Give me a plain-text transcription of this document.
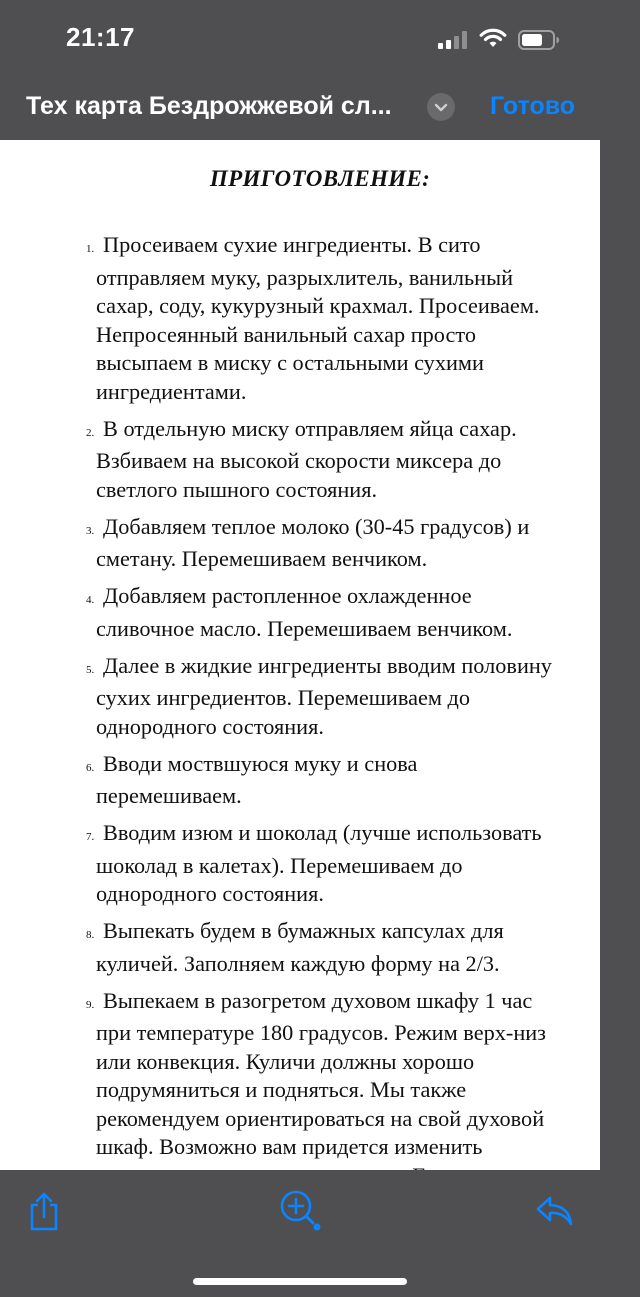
21:17
Тех карта Бездрожжевой сл...	Готово
ПРИГОТОВЛЕНИЕ:
1. Просеиваем сухие ингредиенты. В сито отправляем муку, разрыхлитель, ванильный сахар, соду, кукурузный крахмал. Просеиваем. Непросеянный ванильный сахар просто высыпаем в миску с остальными сухими ингредиентами.
2. В отдельную миску отправляем яйца сахар. Взбиваем на высокой скорости миксера до светлого пышного состояния.
3. Добавляем теплое молоко (30-45 градусов) и сметану. Перемешиваем венчиком.
4. Добавляем растопленное охлажденное сливочное масло. Перемешиваем венчиком.
5. Далее в жидкие ингредиенты вводим половину сухих ингредиентов. Перемешиваем до однородного состояния.
6. Вводи моствшуюся муку и снова перемешиваем.
7. Вводим изюм и шоколад (лучше использовать шоколад в калетах). Перемешиваем до однородного состояния.
8. Выпекать будем в бумажных капсулах для куличей. Заполняем каждую форму на 2/3.
9. Выпекаем в разогретом духовом шкафу 1 час при температуре 180 градусов. Режим верх-низ или конвекция. Куличи должны хорошо подрумяниться и подняться. Мы также рекомендуем ориентироваться на свой духовой шкаф. Возможно вам придется изменить
